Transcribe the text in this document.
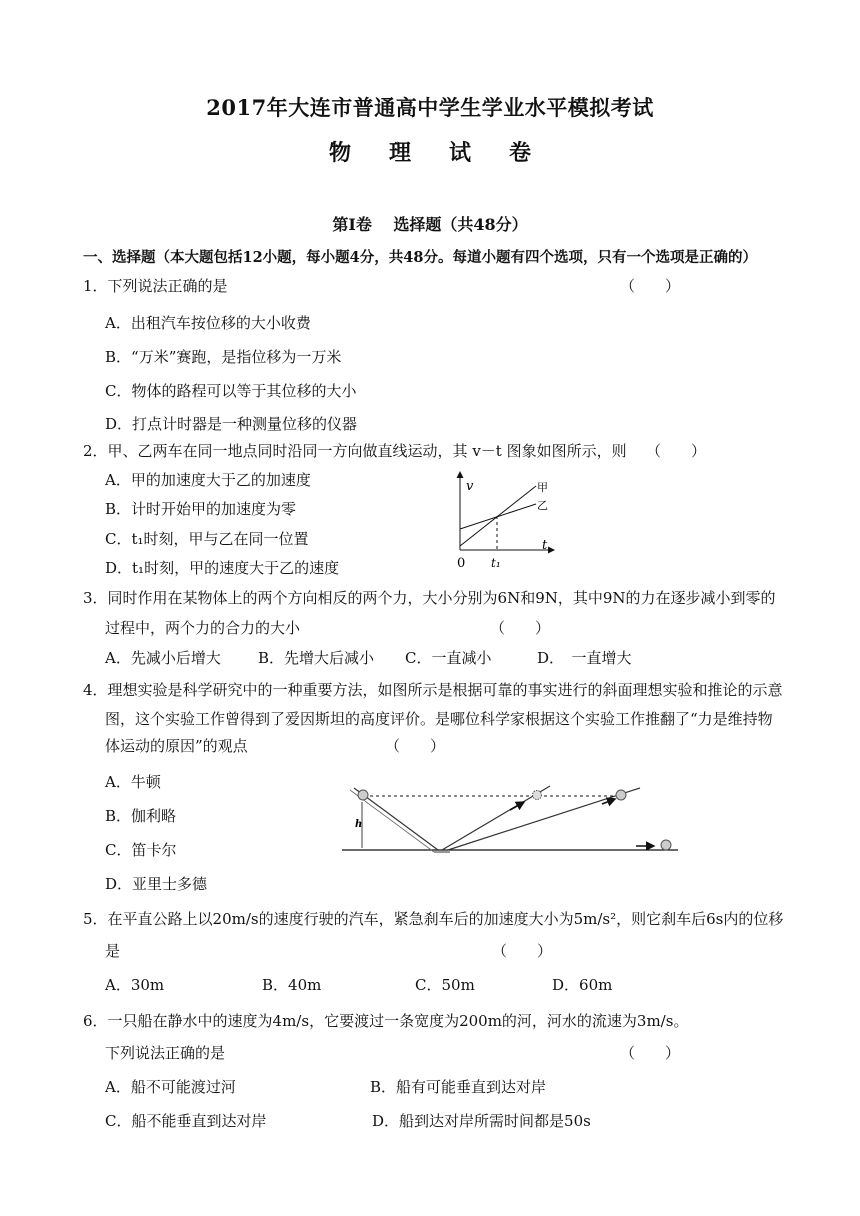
2017年大连市普通高中学生学业水平模拟考试
物 理 试 卷
第Ⅰ卷　 选择题（共48分）
一、选择题（本大题包括12小题，每小题4分，共48分。每道小题有四个选项，只有一个选项是正确的）
1．下列说法正确的是	（　　）
A．出租汽车按位移的大小收费
B．“万米”赛跑，是指位移为一万米
C．物体的路程可以等于其位移的大小
D．打点计时器是一种测量位移的仪器
2．甲、乙两车在同一地点同时沿同一方向做直线运动，其 v－t 图象如图所示，则 （　　）
A．甲的加速度大于乙的加速度
B．计时开始甲的加速度为零
C．t₁时刻，甲与乙在同一位置
D．t₁时刻，甲的速度大于乙的速度
v
t
0 t₁
甲
乙
3．同时作用在某物体上的两个方向相反的两个力，大小分别为6N和9N，其中9N的力在逐步减小到零的
过程中，两个力的合力的大小	（　　）
A．先减小后增大 B．先增大后减小 C．一直减小	D．　一直增大
4．理想实验是科学研究中的一种重要方法，如图所示是根据可靠的事实进行的斜面理想实验和推论的示意
图，这个实验工作曾得到了爱因斯坦的高度评价。是哪位科学家根据这个实验工作推翻了“力是维持物
体运动的原因”的观点	（　　）
A．牛顿
B．伽利略
C．笛卡尔
D．亚里士多德
h
5．在平直公路上以20m/s的速度行驶的汽车，紧急刹车后的加速度大小为5m/s²，则它刹车后6s内的位移
是	（　　）
A．30m	B．40m	C．50m	D．60m
6．一只船在静水中的速度为4m/s，它要渡过一条宽度为200m的河，河水的流速为3m/s。
下列说法正确的是	（　　）
A．船不可能渡过河	B．船有可能垂直到达对岸
C．船不能垂直到达对岸	D．船到达对岸所需时间都是50s
